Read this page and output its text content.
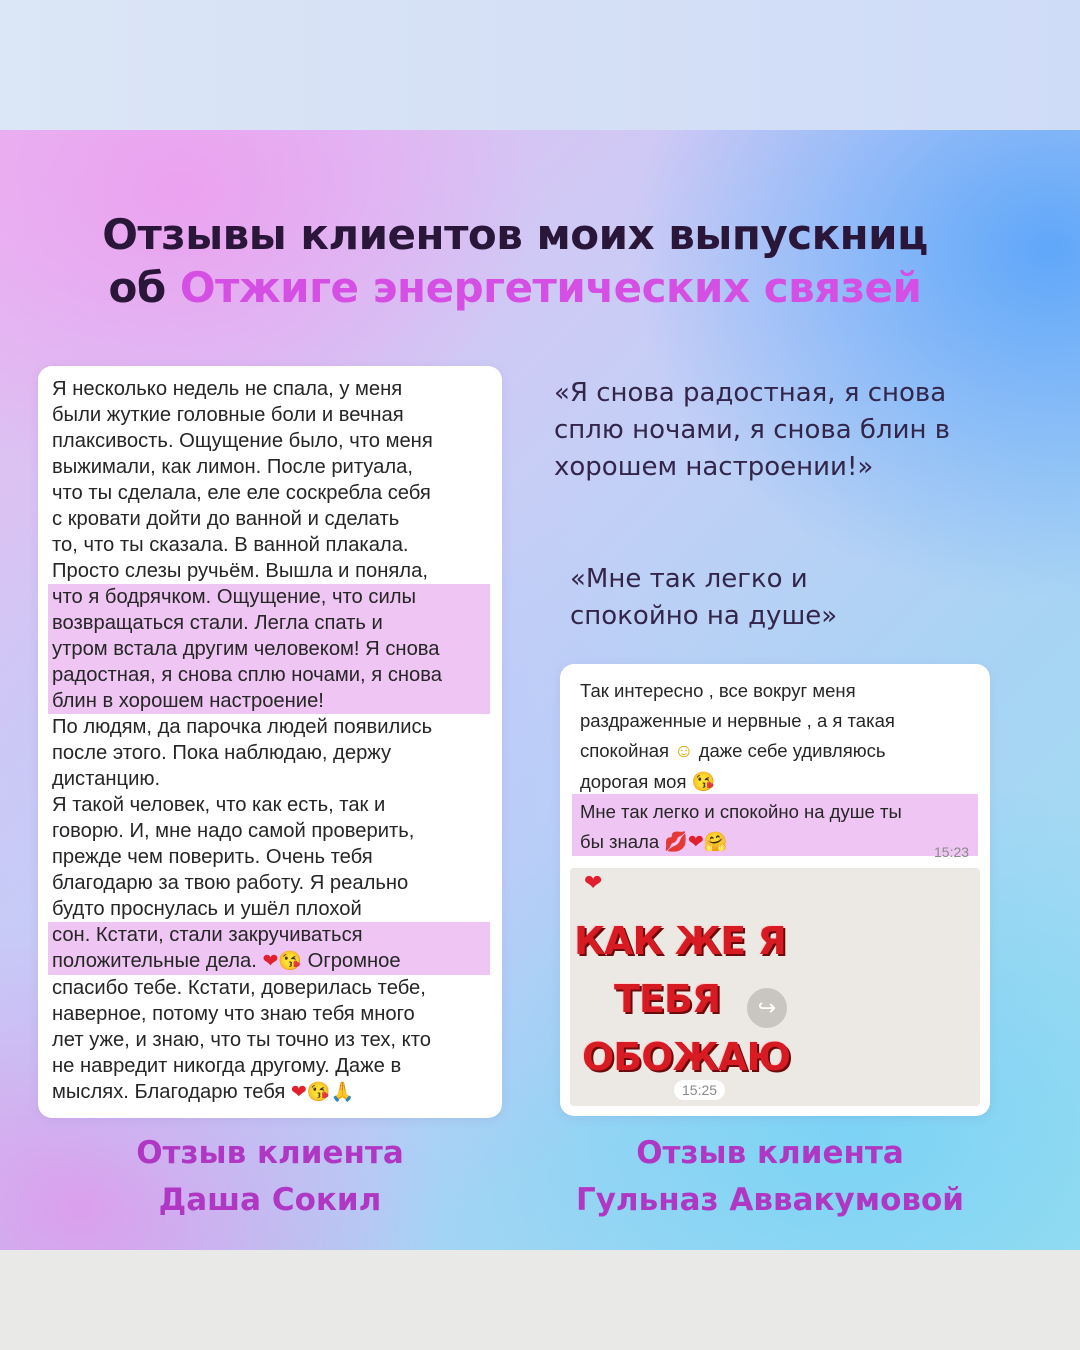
Отзывы клиентов моих выпускниц
об Отжиге энергетических связей
Я несколько недель не спала, у меня
были жуткие головные боли и вечная
плаксивость. Ощущение было, что меня
выжимали, как лимон. После ритуала,
что ты сделала, еле еле соскребла себя
с кровати дойти до ванной и сделать
то, что ты сказала. В ванной плакала.
Просто слезы ручьём. Вышла и поняла,

что я бодрячком. Ощущение, что силы
возвращаться стали. Легла спать и
утром встала другим человеком! Я снова
радостная, я снова сплю ночами, я снова
блин в хорошем настроение!
По людям, да парочка людей появились
после этого. Пока наблюдаю, держу
дистанцию.
Я такой человек, что как есть, так и
говорю. И, мне надо самой проверить,
прежде чем поверить. Очень тебя
благодарю за твою работу. Я реально
будто проснулась и ушёл плохой

сон. Кстати, стали закручиваться
положительные дела. ❤😘 Огромное
спасибо тебе. Кстати, доверилась тебе,
наверное, потому что знаю тебя много
лет уже, и знаю, что ты точно из тех, кто
не навредит никогда другому. Даже в
мыслях. Благодарю тебя ❤😘🙏
«Я снова радостная, я снова
сплю ночами, я снова блин в
хорошем настроении!»
«Мне так легко и
спокойно на душе»
Так интересно , все вокруг меня
раздраженные и нервные , а я такая
спокойная ☺ даже себе удивляюсь
дорогая моя 😘
Мне так легко и спокойно на душе ты
бы знала 💋❤🤗	15:23
❤
КАК ЖЕ Я
ТЕБЯ
ОБОЖАЮ
↪
15:25
Отзыв клиента
Даша Сокил
Отзыв клиента
Гульназ Аввакумовой
